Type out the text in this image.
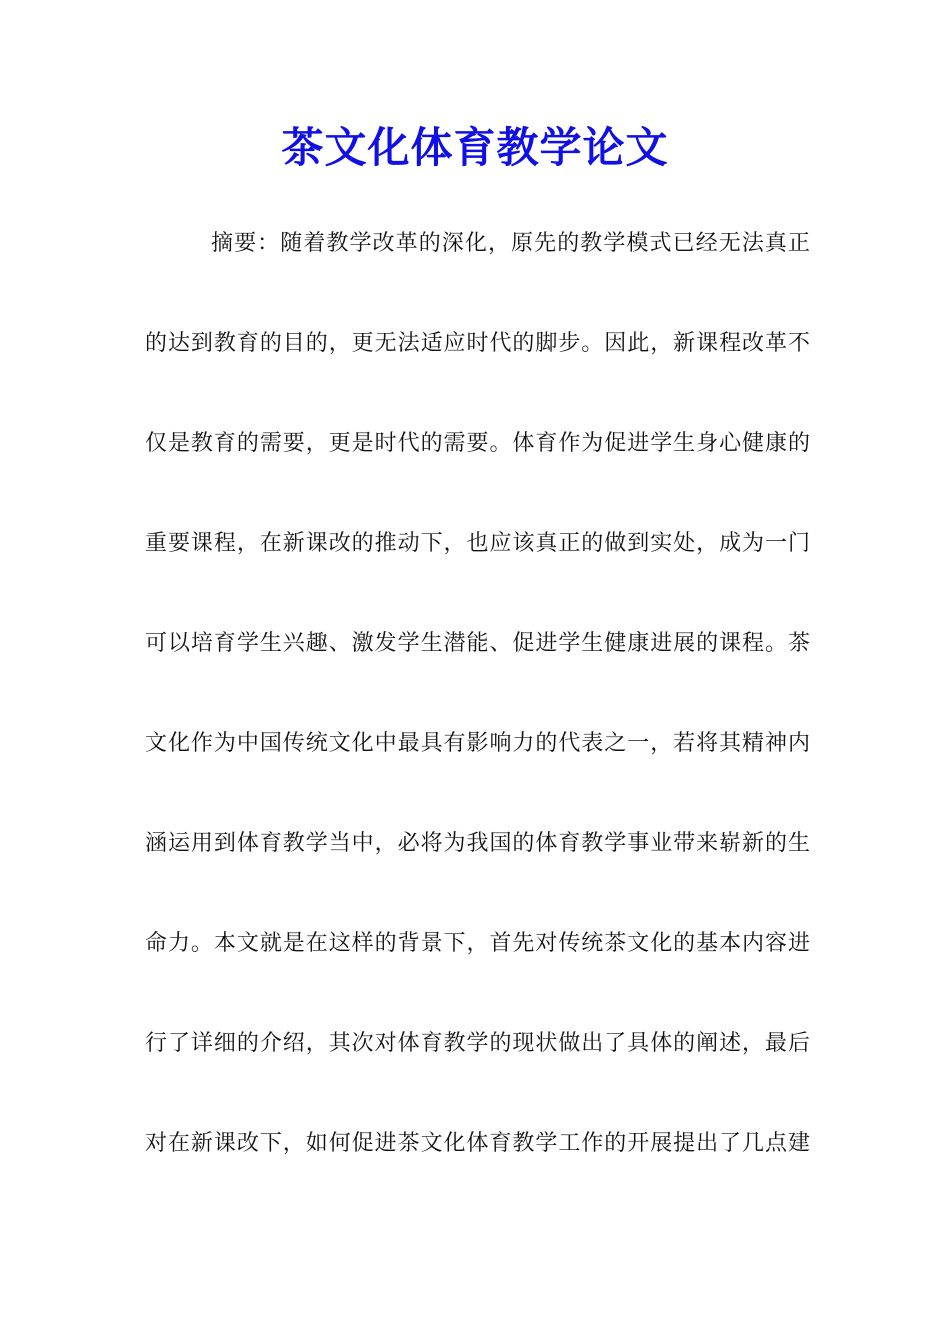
茶文化体育教学论文
摘要：随着教学改革的深化，原先的教学模式已经无法真正
的达到教育的目的，更无法适应时代的脚步。因此，新课程改革不
仅是教育的需要，更是时代的需要。体育作为促进学生身心健康的
重要课程，在新课改的推动下，也应该真正的做到实处，成为一门
可以培育学生兴趣、激发学生潜能、促进学生健康进展的课程。茶
文化作为中国传统文化中最具有影响力的代表之一，若将其精神内
涵运用到体育教学当中，必将为我国的体育教学事业带来崭新的生
命力。本文就是在这样的背景下，首先对传统茶文化的基本内容进
行了详细的介绍，其次对体育教学的现状做出了具体的阐述，最后
对在新课改下，如何促进茶文化体育教学工作的开展提出了几点建
